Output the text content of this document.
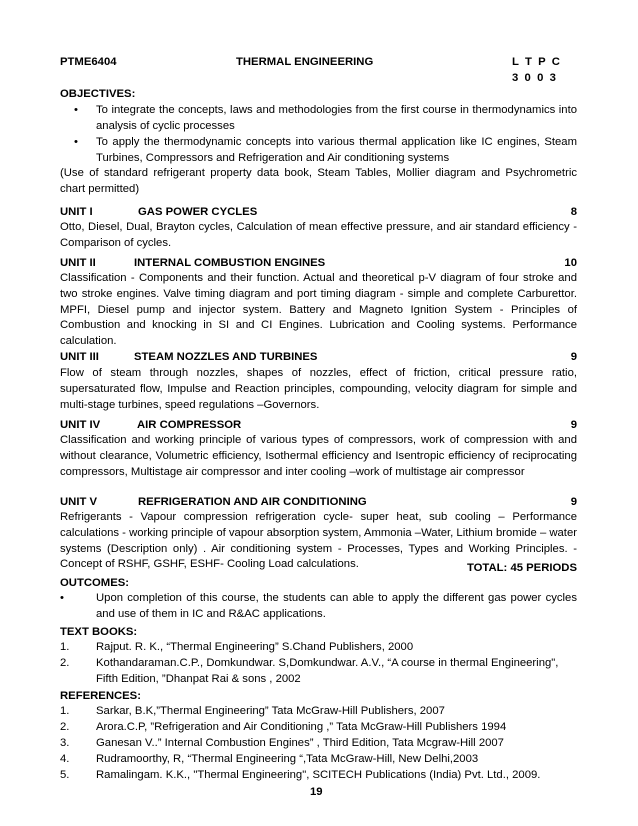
PTME6404	THERMAL ENGINEERING	L  T  P  C
3  0  0  3
OBJECTIVES:
• To integrate the concepts, laws and methodologies from the first course in thermodynamics into analysis of cyclic processes
• To apply the thermodynamic concepts into various thermal application like IC engines, Steam Turbines, Compressors and Refrigeration and Air conditioning systems
(Use of standard refrigerant property data book, Steam Tables, Mollier diagram and Psychrometric chart permitted)
UNIT I	GAS POWER CYCLES	8
Otto, Diesel, Dual, Brayton cycles, Calculation of mean effective pressure, and air standard efficiency - Comparison of cycles.
UNIT II	INTERNAL COMBUSTION ENGINES	10
Classification - Components and their function. Actual and theoretical p-V diagram of four stroke and two stroke engines. Valve timing diagram and port timing diagram - simple and complete Carburettor. MPFI, Diesel pump and injector system. Battery and Magneto Ignition System - Principles of Combustion and knocking in SI and CI Engines. Lubrication and Cooling systems. Performance calculation.
UNIT III	STEAM NOZZLES AND TURBINES	9
Flow of steam through nozzles, shapes of nozzles, effect of friction, critical pressure ratio, supersaturated flow, Impulse and Reaction principles, compounding, velocity diagram for simple and multi-stage turbines, speed regulations –Governors.
UNIT IV	AIR COMPRESSOR	9
Classification and working principle of various types of compressors, work of compression with and without clearance, Volumetric efficiency, Isothermal efficiency and Isentropic efficiency of reciprocating compressors, Multistage air compressor and inter cooling –work of multistage air compressor
UNIT V	REFRIGERATION AND AIR CONDITIONING	9
Refrigerants - Vapour compression refrigeration cycle- super heat, sub cooling – Performance calculations - working principle of vapour absorption system, Ammonia –Water, Lithium bromide – water systems (Description only) . Air conditioning system - Processes, Types and Working Principles. - Concept of RSHF, GSHF, ESHF- Cooling Load calculations.	TOTAL: 45 PERIODS
OUTCOMES:
•	Upon completion of this course, the students can able to apply the different gas power cycles and use of them in IC and R&AC applications.
TEXT BOOKS:
1. Rajput. R. K., “Thermal Engineering” S.Chand Publishers, 2000
2. Kothandaraman.C.P., Domkundwar. S,Domkundwar. A.V., “A course in thermal Engineering",
Fifth Edition, ”Dhanpat Rai & sons , 2002
REFERENCES:
1. Sarkar, B.K,”Thermal Engineering” Tata McGraw-Hill Publishers, 2007
2. Arora.C.P, ”Refrigeration and Air Conditioning ,” Tata McGraw-Hill Publishers 1994
3. Ganesan V..” Internal Combustion Engines” , Third Edition, Tata Mcgraw-Hill 2007
4. Rudramoorthy, R, “Thermal Engineering “,Tata McGraw-Hill, New Delhi,2003
5. Ramalingam. K.K., "Thermal Engineering", SCITECH Publications (India) Pvt. Ltd., 2009.
19
